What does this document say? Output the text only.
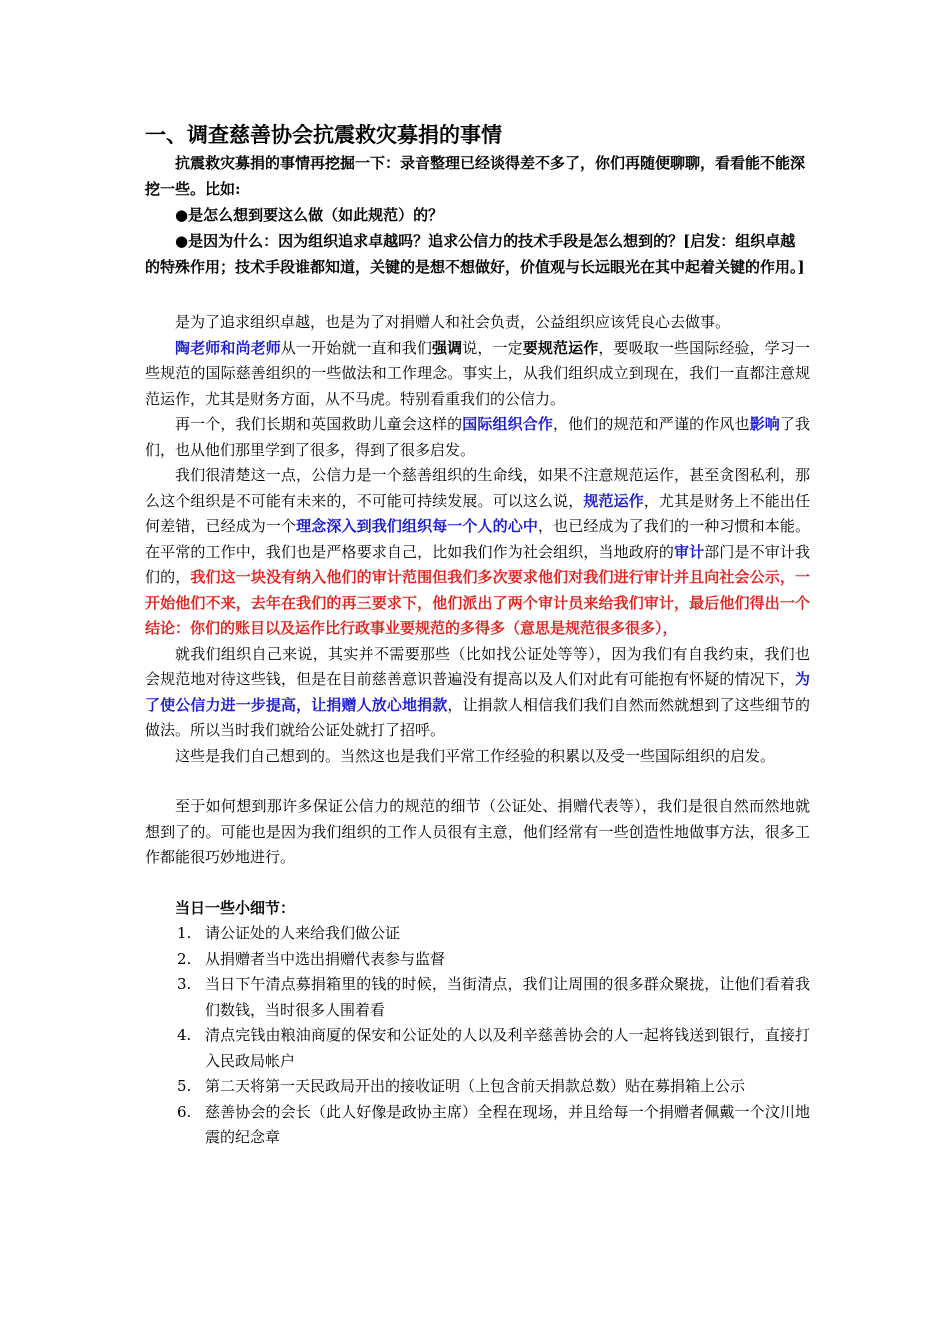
一、调查慈善协会抗震救灾募捐的事情

抗震救灾募捐的事情再挖掘一下：录音整理已经谈得差不多了，你们再随便聊聊，看看能不能深挖一些。比如:

●是怎么想到要这么做（如此规范）的？

●是因为什么：因为组织追求卓越吗？追求公信力的技术手段是怎么想到的？[启发：组织卓越的特殊作用；技术手段谁都知道，关键的是想不想做好，价值观与长远眼光在其中起着关键的作用。]

是为了追求组织卓越，也是为了对捐赠人和社会负责，公益组织应该凭良心去做事。

陶老师和尚老师从一开始就一直和我们强调说，一定要规范运作，要吸取一些国际经验，学习一些规范的国际慈善组织的一些做法和工作理念。事实上，从我们组织成立到现在，我们一直都注意规范运作，尤其是财务方面，从不马虎。特别看重我们的公信力。

再一个，我们长期和英国救助儿童会这样的国际组织合作，他们的规范和严谨的作风也影响了我们，也从他们那里学到了很多，得到了很多启发。

我们很清楚这一点，公信力是一个慈善组织的生命线，如果不注意规范运作，甚至贪图私利，那么这个组织是不可能有未来的，不可能可持续发展。可以这么说，规范运作，尤其是财务上不能出任何差错，已经成为一个理念深入到我们组织每一个人的心中，也已经成为了我们的一种习惯和本能。在平常的工作中，我们也是严格要求自己，比如我们作为社会组织，当地政府的审计部门是不审计我们的，我们这一块没有纳入他们的审计范围但我们多次要求他们对我们进行审计并且向社会公示，一开始他们不来，去年在我们的再三要求下，他们派出了两个审计员来给我们审计，最后他们得出一个结论：你们的账目以及运作比行政事业要规范的多得多（意思是规范很多很多），

就我们组织自己来说，其实并不需要那些（比如找公证处等等），因为我们有自我约束，我们也会规范地对待这些钱，但是在目前慈善意识普遍没有提高以及人们对此有可能抱有怀疑的情况下，为了使公信力进一步提高，让捐赠人放心地捐款，让捐款人相信我们我们自然而然就想到了这些细节的做法。所以当时我们就给公证处就打了招呼。

这些是我们自己想到的。当然这也是我们平常工作经验的积累以及受一些国际组织的启发。

至于如何想到那许多保证公信力的规范的细节（公证处、捐赠代表等），我们是很自然而然地就想到了的。可能也是因为我们组织的工作人员很有主意，他们经常有一些创造性地做事方法，很多工作都能很巧妙地进行。

当日一些小细节：

1. 请公证处的人来给我们做公证
2. 从捐赠者当中选出捐赠代表参与监督
3. 当日下午清点募捐箱里的钱的时候，当街清点，我们让周围的很多群众聚拢，让他们看着我们数钱，当时很多人围着看
4. 清点完钱由粮油商厦的保安和公证处的人以及利辛慈善协会的人一起将钱送到银行，直接打入民政局帐户
5. 第二天将第一天民政局开出的接收证明（上包含前天捐款总数）贴在募捐箱上公示
6. 慈善协会的会长（此人好像是政协主席）全程在现场，并且给每一个捐赠者佩戴一个汶川地震的纪念章
